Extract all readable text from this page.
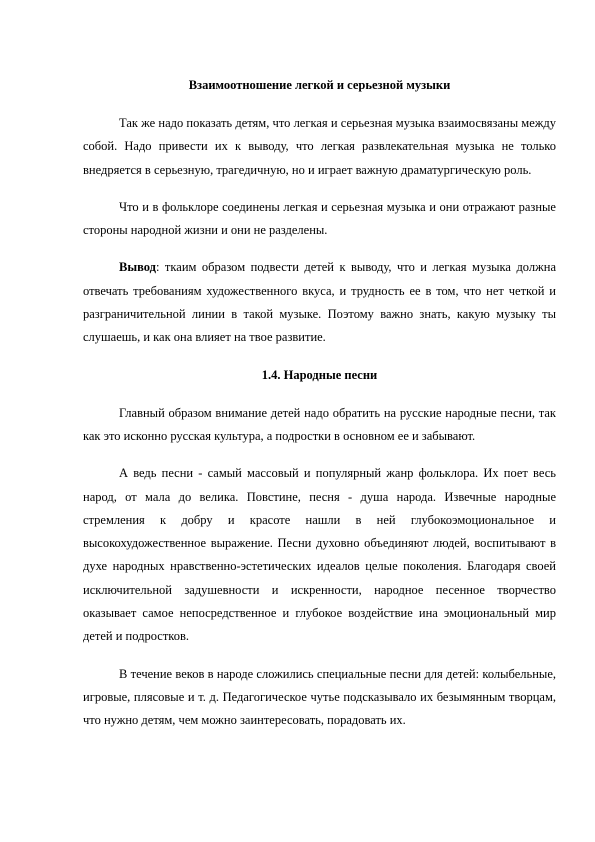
Взаимоотношение легкой и серьезной музыки

Так же надо показать детям, что легкая и серьезная музыка взаимосвязаны между собой. Надо привести их к выводу, что легкая развлекательная музыка не только внедряется в серьезную, трагедичную, но и играет важную драматургическую роль.

Что и в фольклоре соединены легкая и серьезная музыка и они отражают разные стороны народной жизни и они не разделены.

Вывод: ткаим образом подвести детей к выводу, что и легкая музыка должна отвечать требованиям художественного вкуса, и трудность ее в том, что нет четкой и разграничительной линии в такой музыке. Поэтому важно знать, какую музыку ты слушаешь, и как она влияет на твое развитие.

1.4. Народные песни

Главный образом внимание детей надо обратить на русские народные песни, так как это исконно русская культура, а подростки в основном ее и забывают.

А ведь песни - самый массовый и популярный жанр фольклора. Их поет весь народ, от мала до велика. Повстине, песня - душа народа. Извечные народные стремления к добру и красоте нашли в ней глубокоэмоциональное и высокохудожественное выражение. Песни духовно объединяют людей, воспитывают в духе народных нравственно-эстетических идеалов целые поколения. Благодаря своей исключительной задушевности и искренности, народное песенное творчество оказывает самое непосредственное и глубокое воздействие ина эмоциональный мир детей и подростков.

В течение веков в народе сложились специальные песни для детей: колыбельные, игровые, плясовые и т. д. Педагогическое чутье подсказывало их безымянным творцам, что нужно детям, чем можно заинтересовать, порадовать их.
